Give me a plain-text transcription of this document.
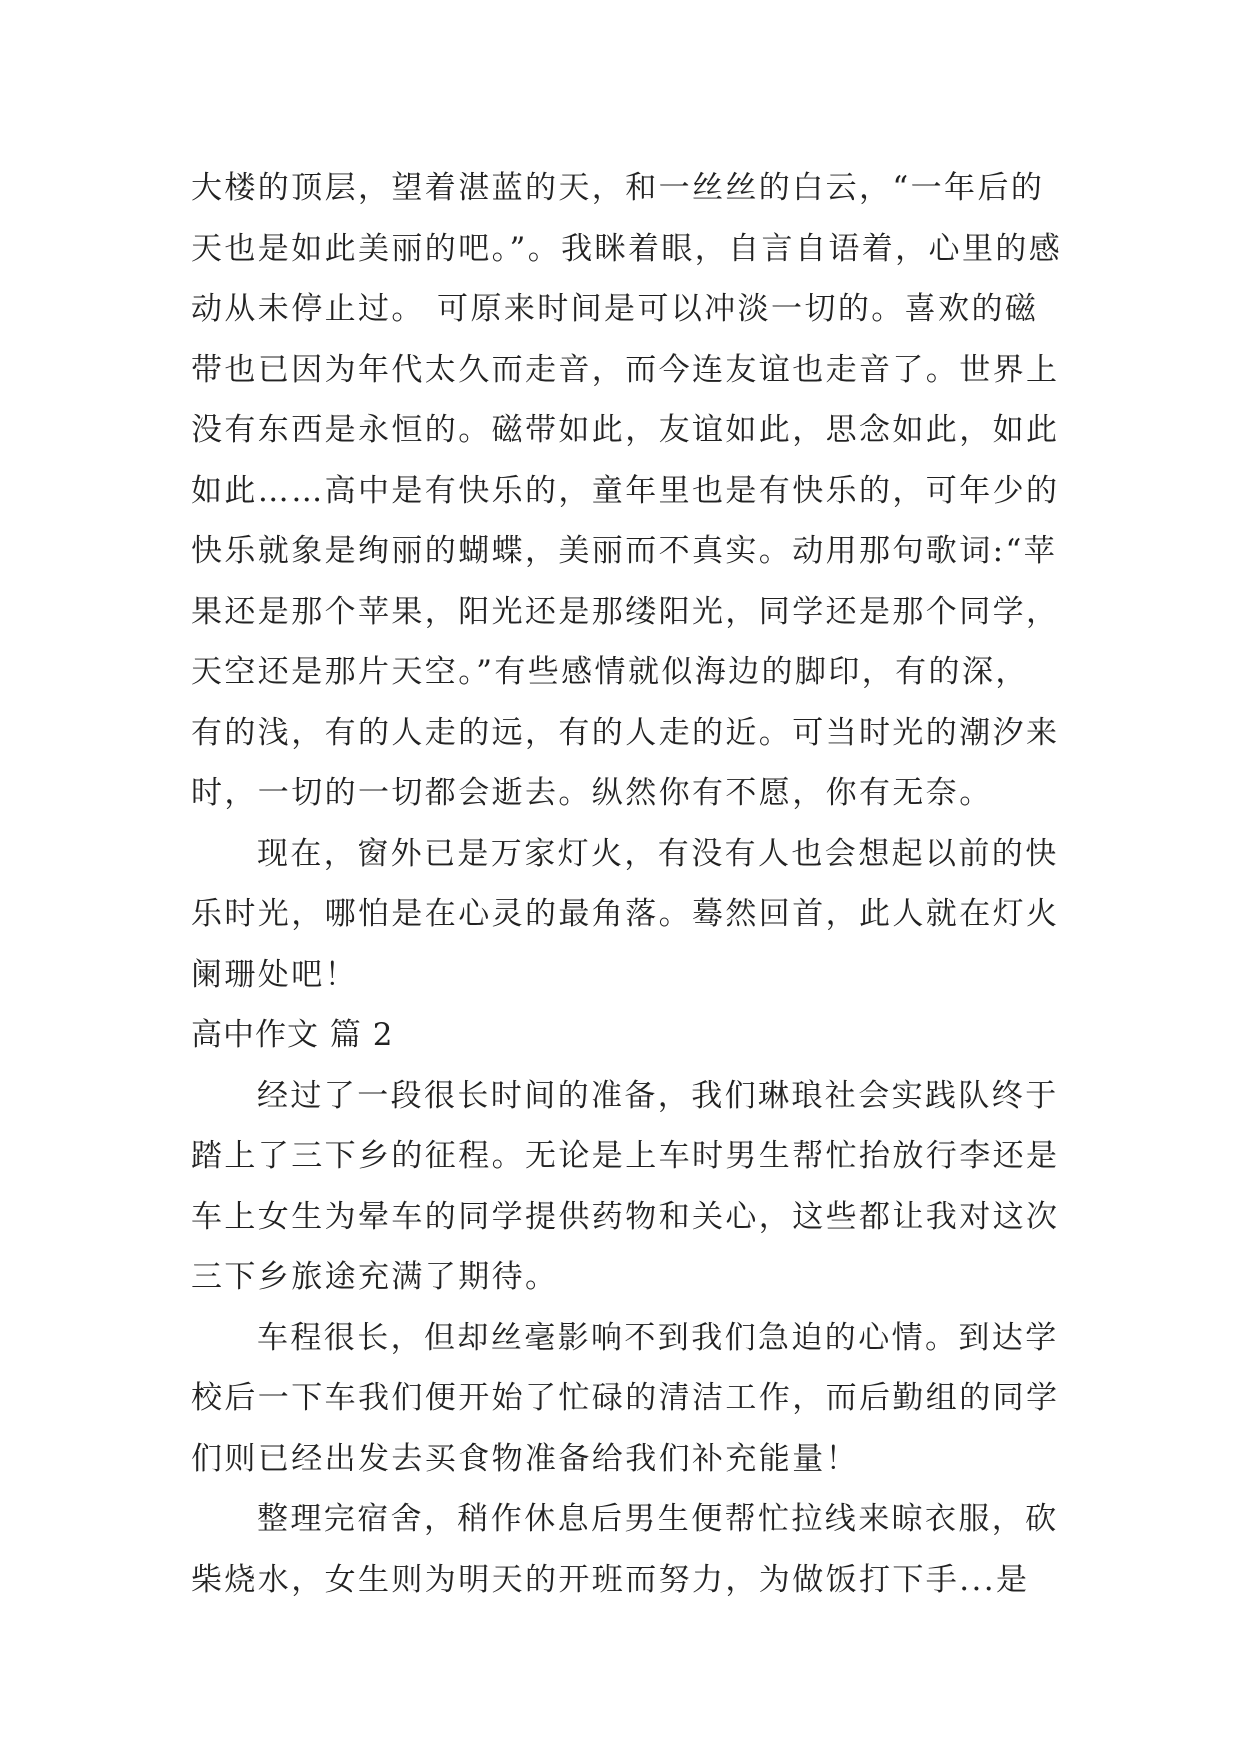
大楼的顶层，望着湛蓝的天，和一丝丝的白云，“一年后的
天也是如此美丽的吧。”。我眯着眼，自言自语着，心里的感
动从未停止过。 可原来时间是可以冲淡一切的。喜欢的磁
带也已因为年代太久而走音，而今连友谊也走音了。世界上
没有东西是永恒的。磁带如此，友谊如此，思念如此，如此
如此……高中是有快乐的，童年里也是有快乐的，可年少的
快乐就象是绚丽的蝴蝶，美丽而不真实。动用那句歌词:“苹
果还是那个苹果，阳光还是那缕阳光，同学还是那个同学，
天空还是那片天空。”有些感情就似海边的脚印，有的深，
有的浅，有的人走的远，有的人走的近。可当时光的潮汐来
时，一切的一切都会逝去。纵然你有不愿，你有无奈。
现在，窗外已是万家灯火，有没有人也会想起以前的快
乐时光，哪怕是在心灵的最角落。蓦然回首，此人就在灯火
阑珊处吧！
高中作文 篇 2
经过了一段很长时间的准备，我们琳琅社会实践队终于
踏上了三下乡的征程。无论是上车时男生帮忙抬放行李还是
车上女生为晕车的同学提供药物和关心，这些都让我对这次
三下乡旅途充满了期待。
车程很长，但却丝毫影响不到我们急迫的心情。到达学
校后一下车我们便开始了忙碌的清洁工作，而后勤组的同学
们则已经出发去买食物准备给我们补充能量！
整理完宿舍，稍作休息后男生便帮忙拉线来晾衣服，砍
柴烧水，女生则为明天的开班而努力，为做饭打下手...是
